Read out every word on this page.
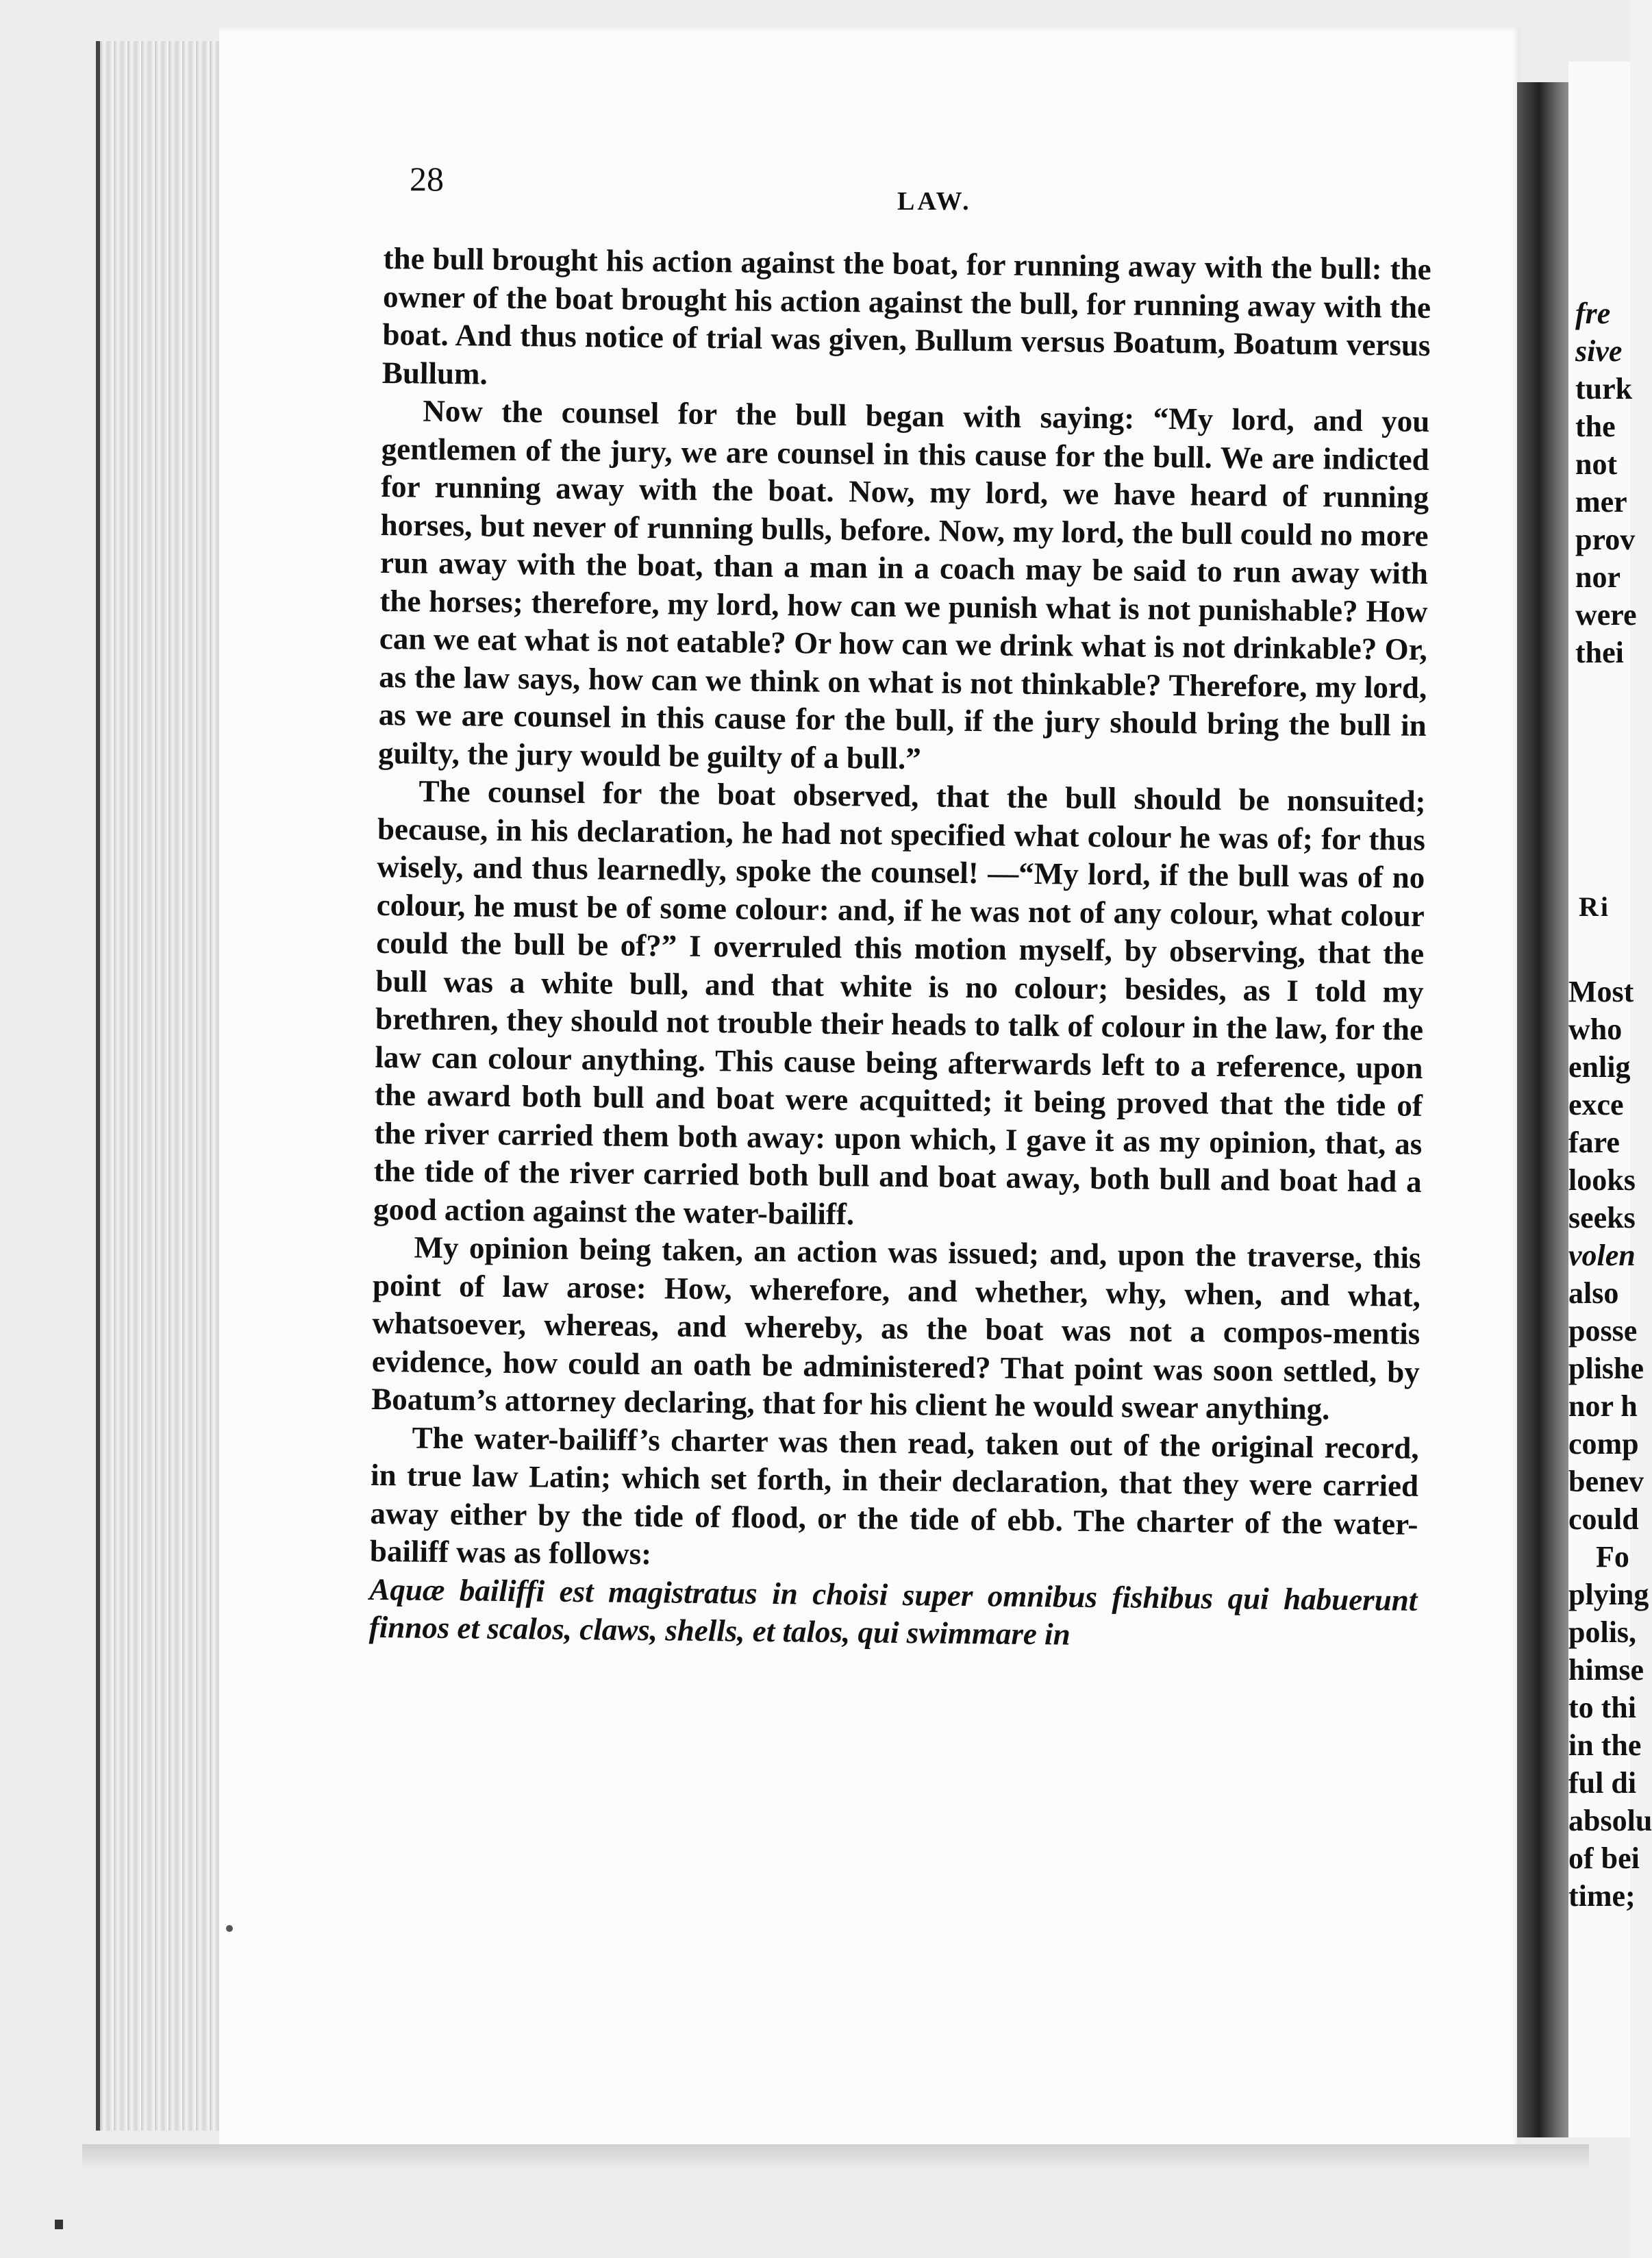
28
LAW.

the bull brought his action against the boat, for running away with the bull: the owner of the boat brought his action against the bull, for running away with the boat. And thus notice of trial was given, Bullum versus Boatum, Boatum versus Bullum.

Now the counsel for the bull began with saying: “My lord, and you gentlemen of the jury, we are counsel in this cause for the bull. We are indicted for running away with the boat. Now, my lord, we have heard of running horses, but never of running bulls, before. Now, my lord, the bull could no more run away with the boat, than a man in a coach may be said to run away with the horses; therefore, my lord, how can we punish what is not punishable? How can we eat what is not eatable? Or how can we drink what is not drinkable? Or, as the law says, how can we think on what is not thinkable? Therefore, my lord, as we are counsel in this cause for the bull, if the jury should bring the bull in guilty, the jury would be guilty of a bull.”

The counsel for the boat observed, that the bull should be nonsuited; because, in his declaration, he had not specified what colour he was of; for thus wisely, and thus learnedly, spoke the counsel! —“My lord, if the bull was of no colour, he must be of some colour: and, if he was not of any colour, what colour could the bull be of?” I overruled this motion myself, by observing, that the bull was a white bull, and that white is no colour; besides, as I told my brethren, they should not trouble their heads to talk of colour in the law, for the law can colour anything. This cause being afterwards left to a reference, upon the award both bull and boat were acquitted; it being proved that the tide of the river carried them both away: upon which, I gave it as my opinion, that, as the tide of the river carried both bull and boat away, both bull and boat had a good action against the water-bailiff.

My opinion being taken, an action was issued; and, upon the traverse, this point of law arose: How, wherefore, and whether, why, when, and what, whatsoever, whereas, and whereby, as the boat was not a compos-mentis evidence, how could an oath be administered? That point was soon settled, by Boatum’s attorney declaring, that for his client he would swear anything.

The water-bailiff’s charter was then read, taken out of the original record, in true law Latin; which set forth, in their declaration, that they were carried away either by the tide of flood, or the tide of ebb. The charter of the water-bailiff was as follows:

Aquæ bailiffi est magistratus in choisi super omnibus fishibus qui habuerunt finnos et scalos, claws, shells, et talos, qui swimmare in

fre
sive
turk
the
not
mer
prov
nor
were
thei
Ri
Most
who
enlig
exce
fare
looks
seeks
volen
also
posse
plishe
nor h
comp
benev
could
Fo
plying
polis,
himse
to thi
in the
ful di
absolu
of bei
time;
